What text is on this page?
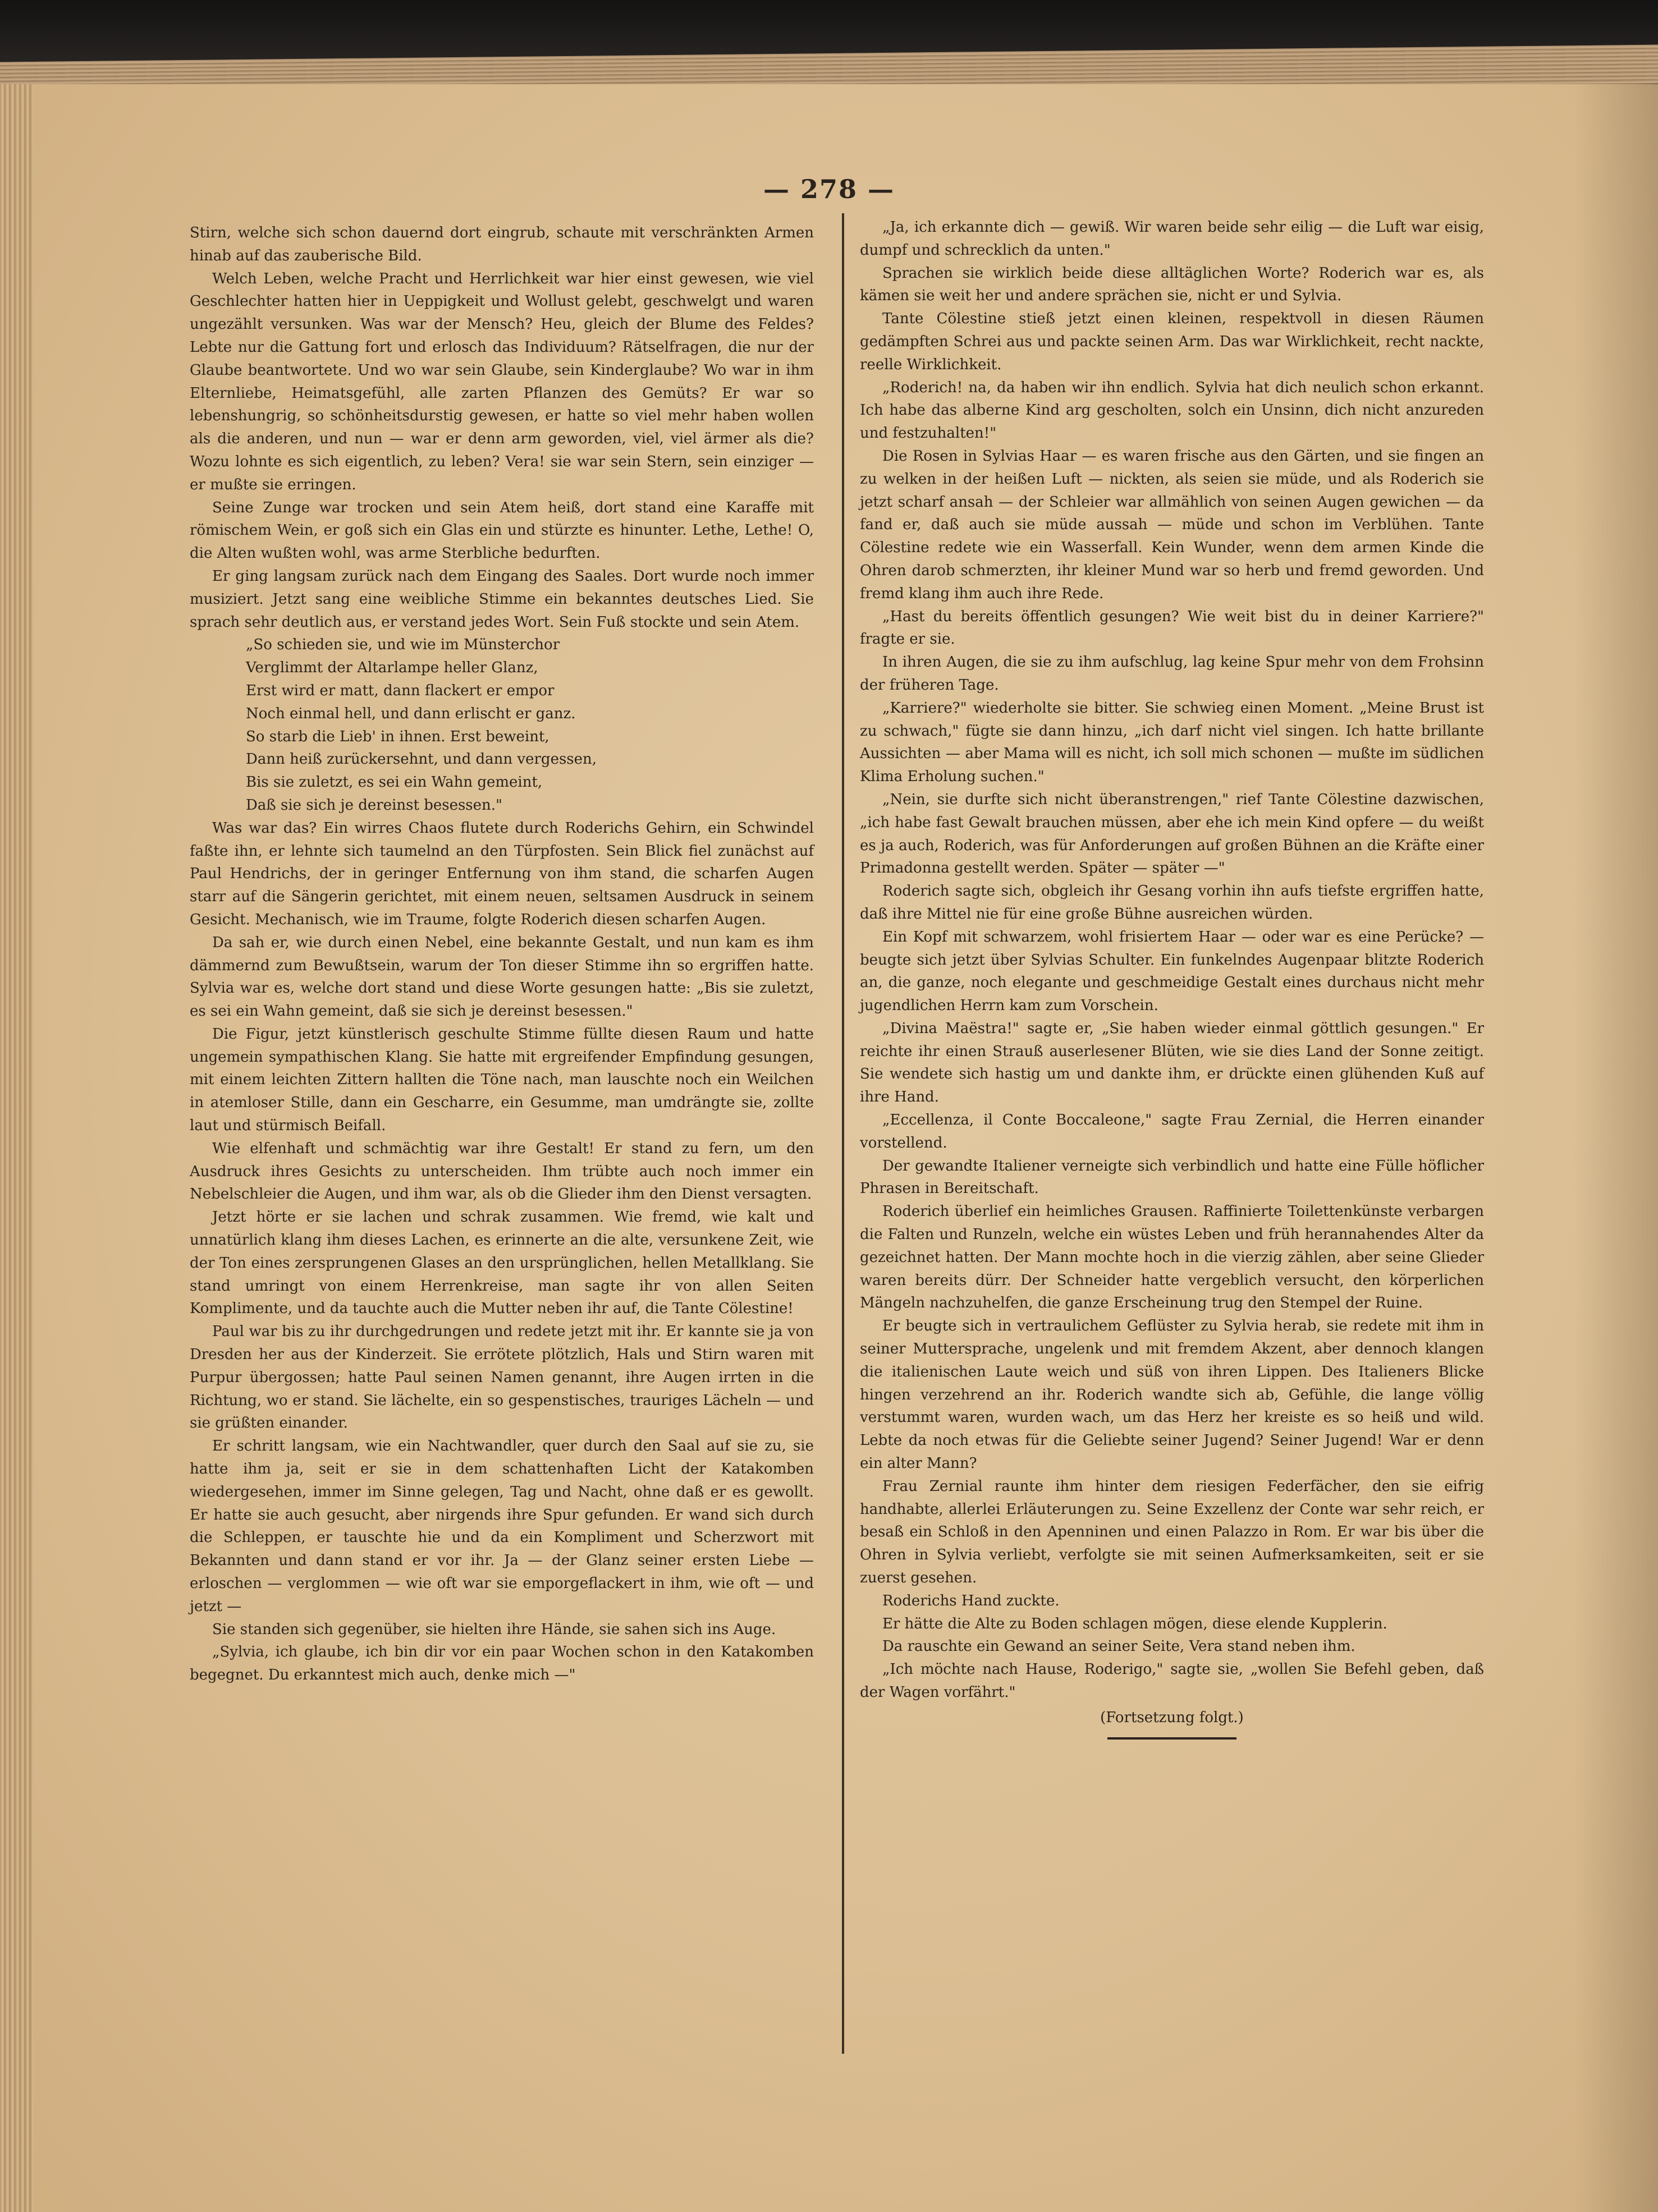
— 278 —

Stirn, welche sich schon dauernd dort eingrub, schaute mit verschränkten Armen hinab auf das zauberische Bild.

Welch Leben, welche Pracht und Herrlichkeit war hier einst gewesen, wie viel Geschlechter hatten hier in Ueppigkeit und Wollust gelebt, geschwelgt und waren ungezählt versunken. Was war der Mensch? Heu, gleich der Blume des Feldes? Lebte nur die Gattung fort und erlosch das Individuum? Rätselfragen, die nur der Glaube beantwortete. Und wo war sein Glaube, sein Kinderglaube? Wo war in ihm Elternliebe, Heimatsgefühl, alle zarten Pflanzen des Gemüts? Er war so lebenshungrig, so schönheitsdurstig gewesen, er hatte so viel mehr haben wollen als die anderen, und nun — war er denn arm geworden, viel, viel ärmer als die? Wozu lohnte es sich eigentlich, zu leben? Vera! sie war sein Stern, sein einziger — er mußte sie erringen.

Seine Zunge war trocken und sein Atem heiß, dort stand eine Karaffe mit römischem Wein, er goß sich ein Glas ein und stürzte es hinunter. Lethe, Lethe! O, die Alten wußten wohl, was arme Sterbliche bedurften.

Er ging langsam zurück nach dem Eingang des Saales. Dort wurde noch immer musiziert. Jetzt sang eine weibliche Stimme ein bekanntes deutsches Lied. Sie sprach sehr deutlich aus, er verstand jedes Wort. Sein Fuß stockte und sein Atem.

„So schieden sie, und wie im Münsterchor
Verglimmt der Altarlampe heller Glanz,
Erst wird er matt, dann flackert er empor
Noch einmal hell, und dann erlischt er ganz.
So starb die Lieb' in ihnen. Erst beweint,
Dann heiß zurückersehnt, und dann vergessen,
Bis sie zuletzt, es sei ein Wahn gemeint,
Daß sie sich je dereinst besessen."

Was war das? Ein wirres Chaos flutete durch Roderichs Gehirn, ein Schwindel faßte ihn, er lehnte sich taumelnd an den Türpfosten. Sein Blick fiel zunächst auf Paul Hendrichs, der in geringer Entfernung von ihm stand, die scharfen Augen starr auf die Sängerin gerichtet, mit einem neuen, seltsamen Ausdruck in seinem Gesicht. Mechanisch, wie im Traume, folgte Roderich diesen scharfen Augen.

Da sah er, wie durch einen Nebel, eine bekannte Gestalt, und nun kam es ihm dämmernd zum Bewußtsein, warum der Ton dieser Stimme ihn so ergriffen hatte. Sylvia war es, welche dort stand und diese Worte gesungen hatte: „Bis sie zuletzt, es sei ein Wahn gemeint, daß sie sich je dereinst besessen."

Die Figur, jetzt künstlerisch geschulte Stimme füllte diesen Raum und hatte ungemein sympathischen Klang. Sie hatte mit ergreifender Empfindung gesungen, mit einem leichten Zittern hallten die Töne nach, man lauschte noch ein Weilchen in atemloser Stille, dann ein Gescharre, ein Gesumme, man umdrängte sie, zollte laut und stürmisch Beifall.

Wie elfenhaft und schmächtig war ihre Gestalt! Er stand zu fern, um den Ausdruck ihres Gesichts zu unterscheiden. Ihm trübte auch noch immer ein Nebelschleier die Augen, und ihm war, als ob die Glieder ihm den Dienst versagten.

Jetzt hörte er sie lachen und schrak zusammen. Wie fremd, wie kalt und unnatürlich klang ihm dieses Lachen, es erinnerte an die alte, versunkene Zeit, wie der Ton eines zersprungenen Glases an den ursprünglichen, hellen Metallklang. Sie stand umringt von einem Herrenkreise, man sagte ihr von allen Seiten Komplimente, und da tauchte auch die Mutter neben ihr auf, die Tante Cölestine!

Paul war bis zu ihr durchgedrungen und redete jetzt mit ihr. Er kannte sie ja von Dresden her aus der Kinderzeit. Sie errötete plötzlich, Hals und Stirn waren mit Purpur übergossen; hatte Paul seinen Namen genannt, ihre Augen irrten in die Richtung, wo er stand. Sie lächelte, ein so gespenstisches, trauriges Lächeln — und sie grüßten einander.

Er schritt langsam, wie ein Nachtwandler, quer durch den Saal auf sie zu, sie hatte ihm ja, seit er sie in dem schattenhaften Licht der Katakomben wiedergesehen, immer im Sinne gelegen, Tag und Nacht, ohne daß er es gewollt. Er hatte sie auch gesucht, aber nirgends ihre Spur gefunden. Er wand sich durch die Schleppen, er tauschte hie und da ein Kompliment und Scherzwort mit Bekannten und dann stand er vor ihr. Ja — der Glanz seiner ersten Liebe — erloschen — verglommen — wie oft war sie emporgeflackert in ihm, wie oft — und jetzt —

Sie standen sich gegenüber, sie hielten ihre Hände, sie sahen sich ins Auge.

„Sylvia, ich glaube, ich bin dir vor ein paar Wochen schon in den Katakomben begegnet. Du erkanntest mich auch, denke mich —"

„Ja, ich erkannte dich — gewiß. Wir waren beide sehr eilig — die Luft war eisig, dumpf und schrecklich da unten."

Sprachen sie wirklich beide diese alltäglichen Worte? Roderich war es, als kämen sie weit her und andere sprächen sie, nicht er und Sylvia.

Tante Cölestine stieß jetzt einen kleinen, respektvoll in diesen Räumen gedämpften Schrei aus und packte seinen Arm. Das war Wirklichkeit, recht nackte, reelle Wirklichkeit.

„Roderich! na, da haben wir ihn endlich. Sylvia hat dich neulich schon erkannt. Ich habe das alberne Kind arg gescholten, solch ein Unsinn, dich nicht anzureden und festzuhalten!"

Die Rosen in Sylvias Haar — es waren frische aus den Gärten, und sie fingen an zu welken in der heißen Luft — nickten, als seien sie müde, und als Roderich sie jetzt scharf ansah — der Schleier war allmählich von seinen Augen gewichen — da fand er, daß auch sie müde aussah — müde und schon im Verblühen. Tante Cölestine redete wie ein Wasserfall. Kein Wunder, wenn dem armen Kinde die Ohren darob schmerzten, ihr kleiner Mund war so herb und fremd geworden. Und fremd klang ihm auch ihre Rede.

„Hast du bereits öffentlich gesungen? Wie weit bist du in deiner Karriere?" fragte er sie.

In ihren Augen, die sie zu ihm aufschlug, lag keine Spur mehr von dem Frohsinn der früheren Tage.

„Karriere?" wiederholte sie bitter. Sie schwieg einen Moment. „Meine Brust ist zu schwach," fügte sie dann hinzu, „ich darf nicht viel singen. Ich hatte brillante Aussichten — aber Mama will es nicht, ich soll mich schonen — mußte im südlichen Klima Erholung suchen."

„Nein, sie durfte sich nicht überanstrengen," rief Tante Cölestine dazwischen, „ich habe fast Gewalt brauchen müssen, aber ehe ich mein Kind opfere — du weißt es ja auch, Roderich, was für Anforderungen auf großen Bühnen an die Kräfte einer Primadonna gestellt werden. Später — später —"

Roderich sagte sich, obgleich ihr Gesang vorhin ihn aufs tiefste ergriffen hatte, daß ihre Mittel nie für eine große Bühne ausreichen würden.

Ein Kopf mit schwarzem, wohl frisiertem Haar — oder war es eine Perücke? — beugte sich jetzt über Sylvias Schulter. Ein funkelndes Augenpaar blitzte Roderich an, die ganze, noch elegante und geschmeidige Gestalt eines durchaus nicht mehr jugendlichen Herrn kam zum Vorschein.

„Divina Maëstra!" sagte er, „Sie haben wieder einmal göttlich gesungen." Er reichte ihr einen Strauß auserlesener Blüten, wie sie dies Land der Sonne zeitigt. Sie wendete sich hastig um und dankte ihm, er drückte einen glühenden Kuß auf ihre Hand.

„Eccellenza, il Conte Boccaleone," sagte Frau Zernial, die Herren einander vorstellend.

Der gewandte Italiener verneigte sich verbindlich und hatte eine Fülle höflicher Phrasen in Bereitschaft.

Roderich überlief ein heimliches Grausen. Raffinierte Toilettenkünste verbargen die Falten und Runzeln, welche ein wüstes Leben und früh herannahendes Alter da gezeichnet hatten. Der Mann mochte hoch in die vierzig zählen, aber seine Glieder waren bereits dürr. Der Schneider hatte vergeblich versucht, den körperlichen Mängeln nachzuhelfen, die ganze Erscheinung trug den Stempel der Ruine.

Er beugte sich in vertraulichem Geflüster zu Sylvia herab, sie redete mit ihm in seiner Muttersprache, ungelenk und mit fremdem Akzent, aber dennoch klangen die italienischen Laute weich und süß von ihren Lippen. Des Italieners Blicke hingen verzehrend an ihr. Roderich wandte sich ab, Gefühle, die lange völlig verstummt waren, wurden wach, um das Herz her kreiste es so heiß und wild. Lebte da noch etwas für die Geliebte seiner Jugend? Seiner Jugend! War er denn ein alter Mann?

Frau Zernial raunte ihm hinter dem riesigen Federfächer, den sie eifrig handhabte, allerlei Erläuterungen zu. Seine Exzellenz der Conte war sehr reich, er besaß ein Schloß in den Apenninen und einen Palazzo in Rom. Er war bis über die Ohren in Sylvia verliebt, verfolgte sie mit seinen Aufmerksamkeiten, seit er sie zuerst gesehen.

Roderichs Hand zuckte.

Er hätte die Alte zu Boden schlagen mögen, diese elende Kupplerin.

Da rauschte ein Gewand an seiner Seite, Vera stand neben ihm.

„Ich möchte nach Hause, Roderigo," sagte sie, „wollen Sie Befehl geben, daß der Wagen vorfährt."

(Fortsetzung folgt.)
